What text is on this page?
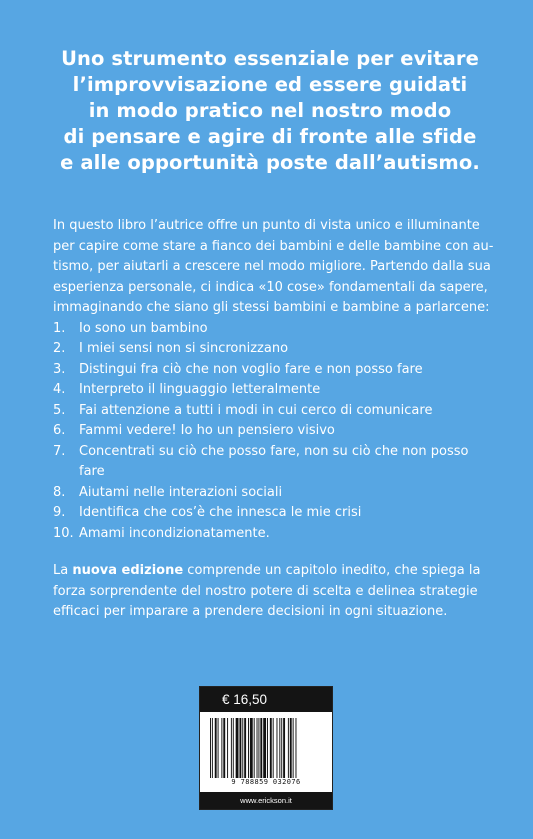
Uno strumento essenziale per evitare
l’improvvisazione ed essere guidati
in modo pratico nel nostro modo
di pensare e agire di fronte alle sfide
e alle opportunità poste dall’autismo.
In questo libro l’autrice offre un punto di vista unico e illuminante
per capire come stare a fianco dei bambini e delle bambine con au-
tismo, per aiutarli a crescere nel modo migliore. Partendo dalla sua
esperienza personale, ci indica «10 cose» fondamentali da sapere,
immaginando che siano gli stessi bambini e bambine a parlarcene:
1.	Io sono un bambino
2.	I miei sensi non si sincronizzano
3.	Distingui fra ciò che non voglio fare e non posso fare
4.	Interpreto il linguaggio letteralmente
5.	Fai attenzione a tutti i modi in cui cerco di comunicare
6.	Fammi vedere! Io ho un pensiero visivo
7.	Concentrati su ciò che posso fare, non su ciò che non posso fare
8.	Aiutami nelle interazioni sociali
9.	Identifica che cos’è che innesca le mie crisi
10. Amami incondizionatamente.
La nuova edizione comprende un capitolo inedito, che spiega la
forza sorprendente del nostro potere di scelta e delinea strategie
efficaci per imparare a prendere decisioni in ogni situazione.
€ 16,50
9 788859 032076
www.erickson.it
